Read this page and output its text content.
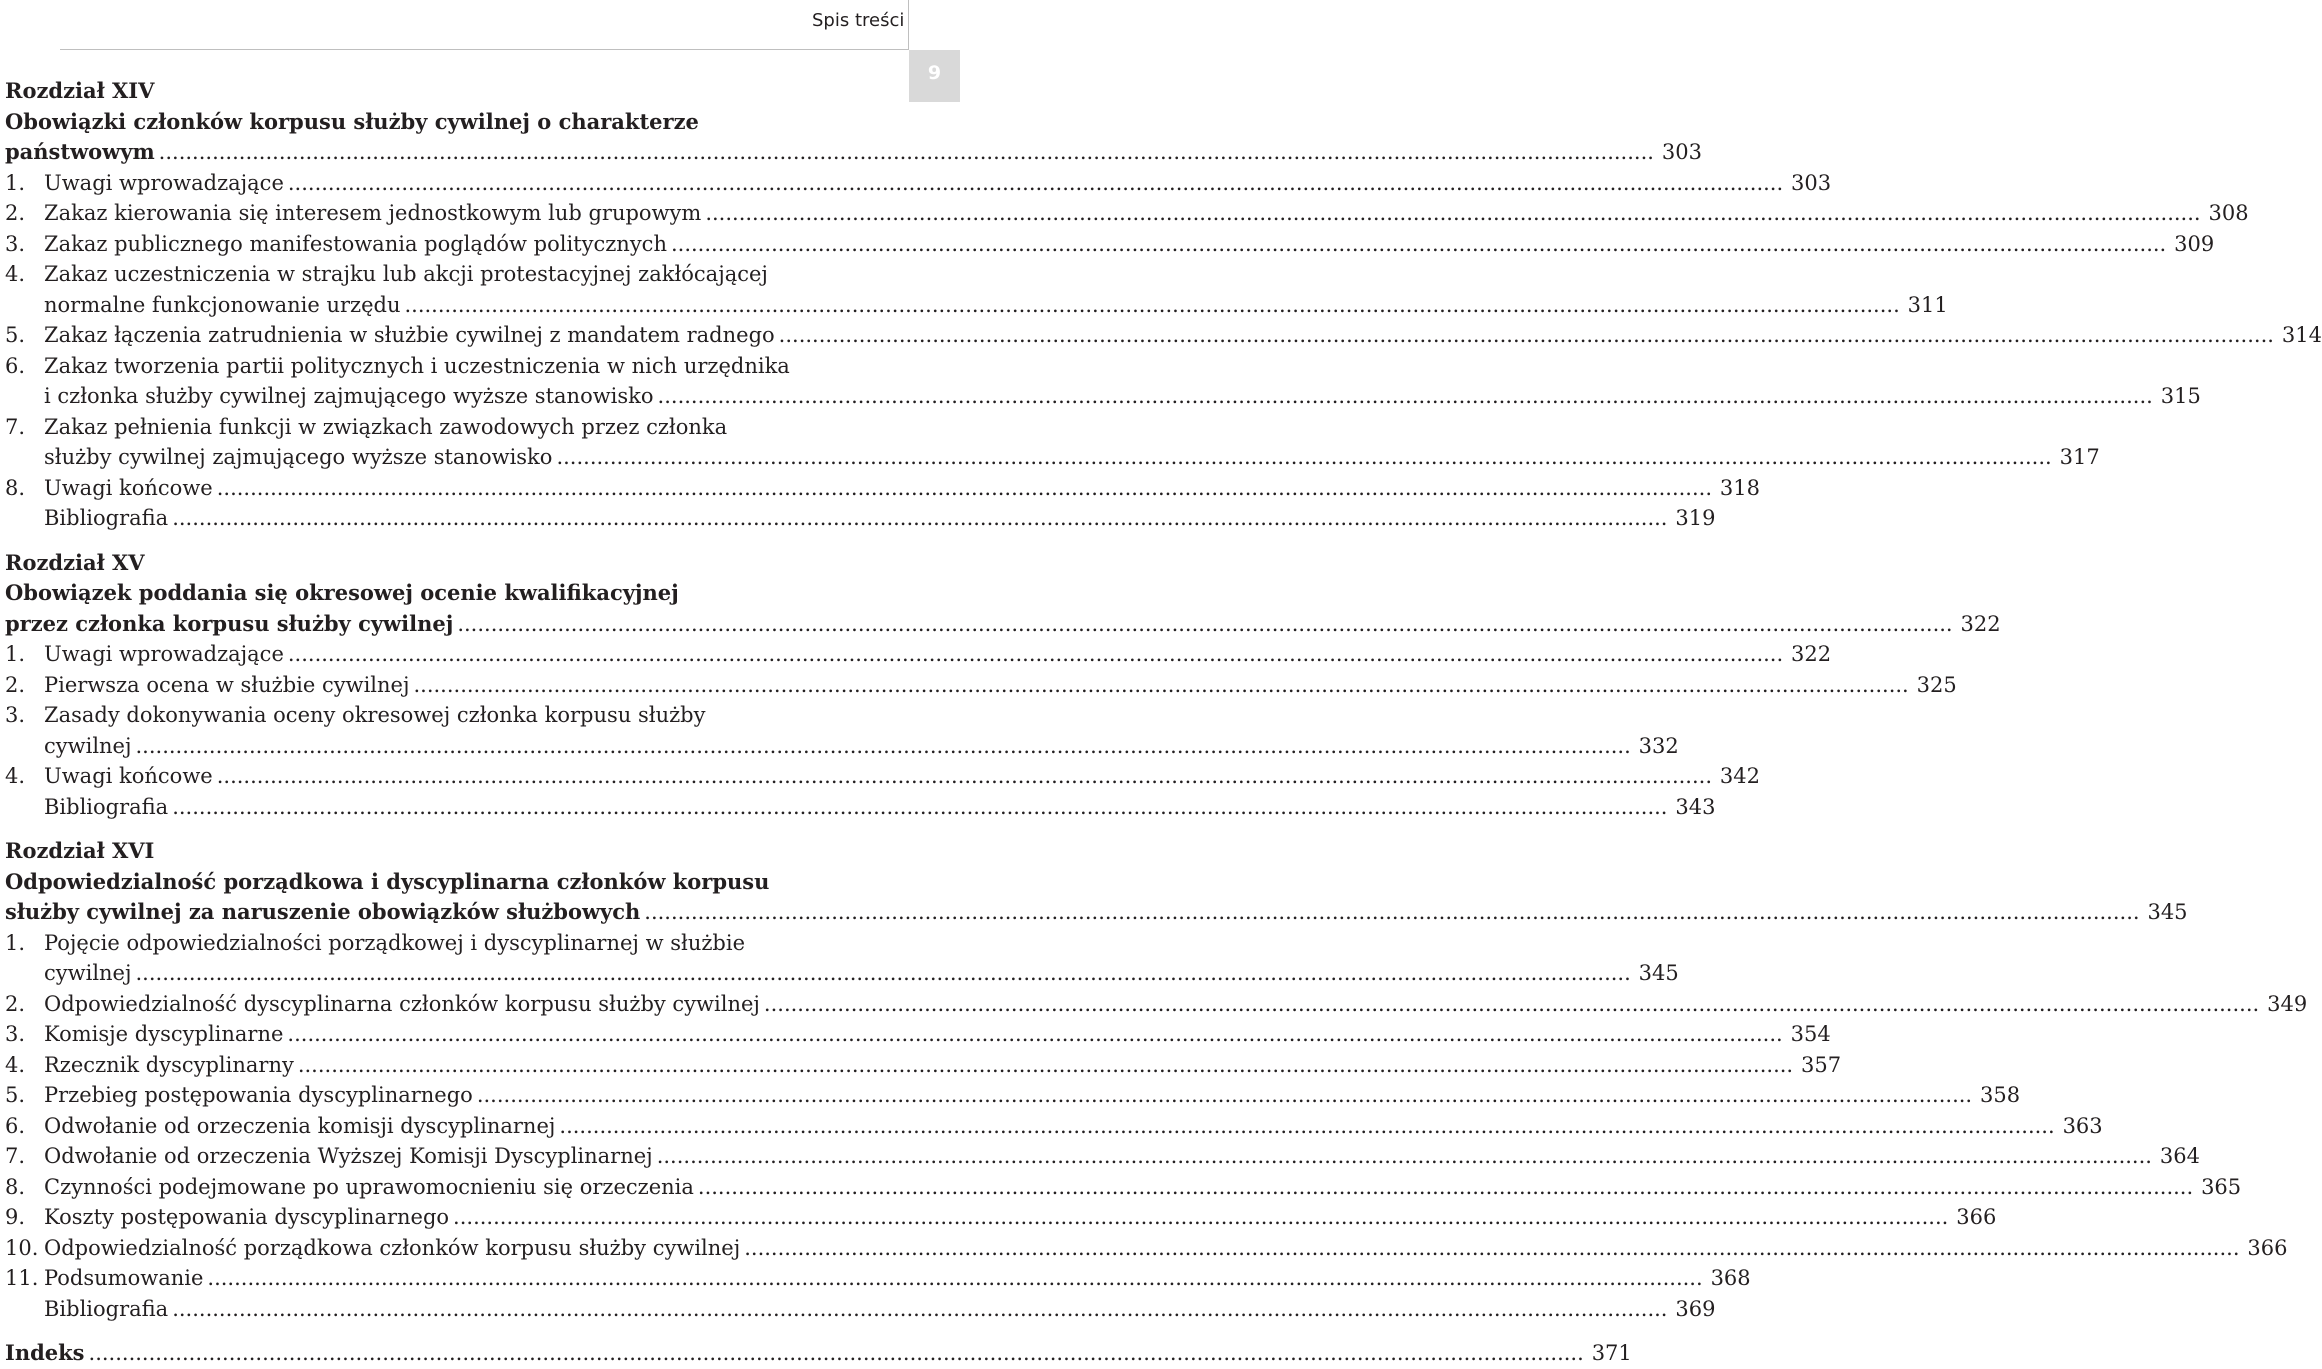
Spis treści
9
Rozdział XIV
Obowiązki członków korpusu służby cywilnej o charakterze
państwowym .....	303
1. Uwagi wprowadzające .....	303
2. Zakaz kierowania się interesem jednostkowym lub grupowym .....	308
3. Zakaz publicznego manifestowania poglądów politycznych .....	309
4. Zakaz uczestniczenia w strajku lub akcji protestacyjnej zakłócającej
normalne funkcjonowanie urzędu .....	311
5. Zakaz łączenia zatrudnienia w służbie cywilnej z mandatem radnego .....	314
6. Zakaz tworzenia partii politycznych i uczestniczenia w nich urzędnika
i członka służby cywilnej zajmującego wyższe stanowisko .....	315
7. Zakaz pełnienia funkcji w związkach zawodowych przez członka
służby cywilnej zajmującego wyższe stanowisko .....	317
8. Uwagi końcowe .....	318
Bibliografia .....	319
Rozdział XV
Obowiązek poddania się okresowej ocenie kwalifikacyjnej
przez członka korpusu służby cywilnej .....	322
1. Uwagi wprowadzające .....	322
2. Pierwsza ocena w służbie cywilnej .....	325
3. Zasady dokonywania oceny okresowej członka korpusu służby
cywilnej .....	332
4. Uwagi końcowe .....	342
Bibliografia .....	343
Rozdział XVI
Odpowiedzialność porządkowa i dyscyplinarna członków korpusu
służby cywilnej za naruszenie obowiązków służbowych .....	345
1. Pojęcie odpowiedzialności porządkowej i dyscyplinarnej w służbie
cywilnej .....	345
2. Odpowiedzialność dyscyplinarna członków korpusu służby cywilnej .....	349
3. Komisje dyscyplinarne .....	354
4. Rzecznik dyscyplinarny .....	357
5. Przebieg postępowania dyscyplinarnego .....	358
6. Odwołanie od orzeczenia komisji dyscyplinarnej .....	363
7. Odwołanie od orzeczenia Wyższej Komisji Dyscyplinarnej .....	364
8. Czynności podejmowane po uprawomocnieniu się orzeczenia .....	365
9. Koszty postępowania dyscyplinarnego .....	366
10. Odpowiedzialność porządkowa członków korpusu służby cywilnej .....	366
11. Podsumowanie .....	368
Bibliografia .....	369
Indeks .....	371
